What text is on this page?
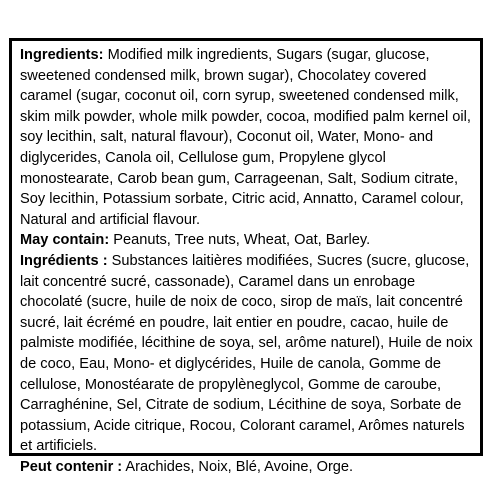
Ingredients: Modified milk ingredients, Sugars (sugar, glucose, sweetened condensed milk, brown sugar), Chocolatey covered caramel (sugar, coconut oil, corn syrup, sweetened condensed milk, skim milk powder, whole milk powder, cocoa, modified palm kernel oil, soy lecithin, salt, natural flavour), Coconut oil, Water, Mono- and diglycerides, Canola oil, Cellulose gum, Propylene glycol monostearate, Carob bean gum, Carrageenan, Salt, Sodium citrate, Soy lecithin, Potassium sorbate, Citric acid, Annatto, Caramel colour, Natural and artificial flavour.

May contain: Peanuts, Tree nuts, Wheat, Oat, Barley.

Ingrédients : Substances laitières modifiées, Sucres (sucre, glucose, lait concentré sucré, cassonade), Caramel dans un enrobage chocolaté (sucre, huile de noix de coco, sirop de maïs, lait concentré sucré, lait écrémé en poudre, lait entier en poudre, cacao, huile de palmiste modifiée, lécithine de soya, sel, arôme naturel), Huile de noix de coco, Eau, Mono- et diglycérides, Huile de canola, Gomme de cellulose, Monostéarate de propylèneglycol, Gomme de caroube, Carraghénine, Sel, Citrate de sodium, Lécithine de soya, Sorbate de potassium, Acide citrique, Rocou, Colorant caramel, Arômes naturels et artificiels.

Peut contenir : Arachides, Noix, Blé, Avoine, Orge.
